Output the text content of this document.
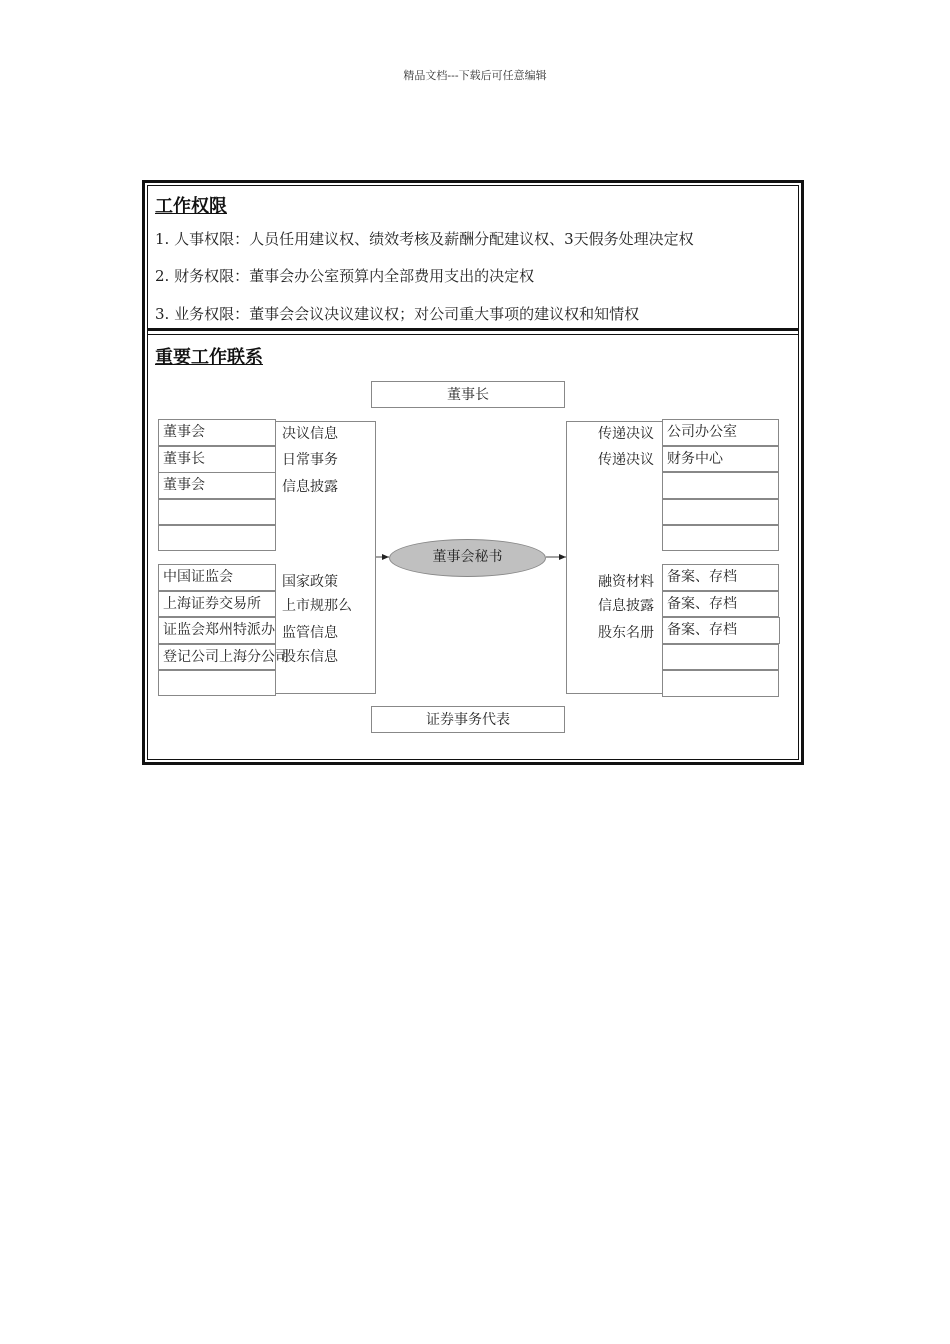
精品文档---下载后可任意编辑
工作权限
1. 人事权限：人员任用建议权、绩效考核及薪酬分配建议权、3天假务处理决定权
2. 财务权限：董事会办公室预算内全部费用支出的决定权
3. 业务权限：董事会会议决议建议权；对公司重大事项的建议权和知情权
重要工作联系
董事长
证券事务代表
董事会秘书
董事会
董事长
董事会
决议信息
日常事务
信息披露
中国证监会
上海证券交易所
证监会郑州特派办
登记公司上海分公司
国家政策
上市规那么
监管信息
股东信息
传递决议
传递决议
公司办公室
财务中心
融资材料
信息披露
股东名册
备案、存档
备案、存档
备案、存档
